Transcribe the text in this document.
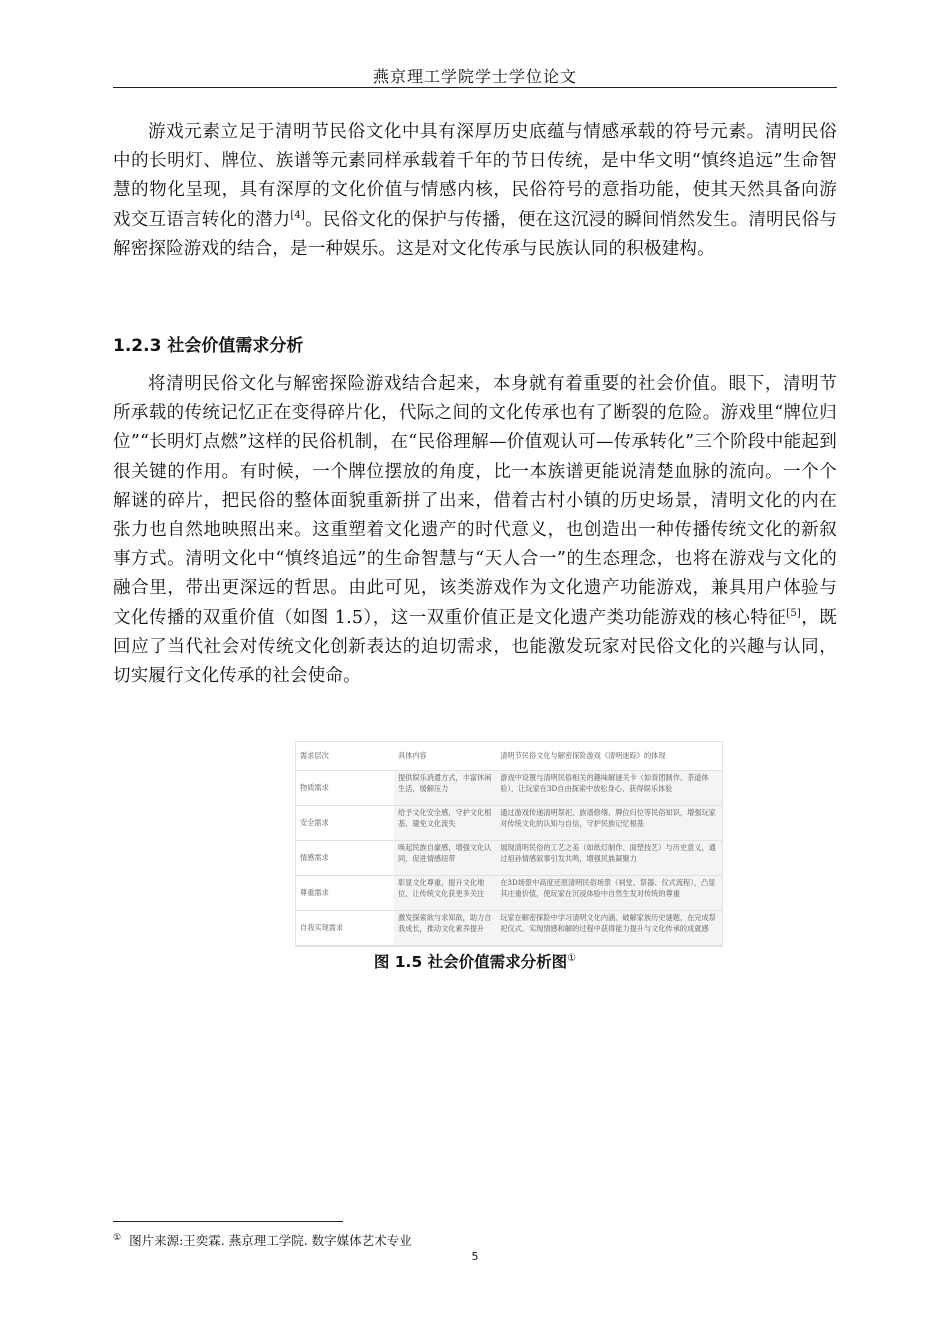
燕京理工学院学士学位论文

游戏元素立足于清明节民俗文化中具有深厚历史底蕴与情感承载的符号元素。清明民俗中的长明灯、牌位、族谱等元素同样承载着千年的节日传统，是中华文明“慎终追远”生命智慧的物化呈现，具有深厚的文化价值与情感内核，民俗符号的意指功能，使其天然具备向游戏交互语言转化的潜力[4]。民俗文化的保护与传播，便在这沉浸的瞬间悄然发生。清明民俗与解密探险游戏的结合，是一种娱乐。这是对文化传承与民族认同的积极建构。

1.2.3 社会价值需求分析

将清明民俗文化与解密探险游戏结合起来，本身就有着重要的社会价值。眼下，清明节所承载的传统记忆正在变得碎片化，代际之间的文化传承也有了断裂的危险。游戏里“牌位归位”“长明灯点燃”这样的民俗机制，在“民俗理解—价值观认可—传承转化”三个阶段中能起到很关键的作用。有时候，一个牌位摆放的角度，比一本族谱更能说清楚血脉的流向。一个个解谜的碎片，把民俗的整体面貌重新拼了出来，借着古村小镇的历史场景，清明文化的内在张力也自然地映照出来。这重塑着文化遗产的时代意义，也创造出一种传播传统文化的新叙事方式。清明文化中“慎终追远”的生命智慧与“天人合一”的生态理念，也将在游戏与文化的融合里，带出更深远的哲思。由此可见，该类游戏作为文化遗产功能游戏，兼具用户体验与文化传播的双重价值（如图 1.5），这一双重价值正是文化遗产类功能游戏的核心特征[5]，既回应了当代社会对传统文化创新表达的迫切需求，也能激发玩家对民俗文化的兴趣与认同，切实履行文化传承的社会使命。

需求层次	具体内容	清明节民俗文化与解密探险游戏《清明迷踪》的体现
物质需求	提供娱乐消遣方式，丰富休闲生活，缓解压力	游戏中设置与清明民俗相关的趣味解谜关卡（如青团制作、茶道体验），让玩家在3D自由探索中放松身心、获得娱乐体验
安全需求	给予文化安全感，守护文化根基，避免文化流失	通过游戏传递清明祭祀、族谱修缮、牌位归位等民俗知识，增强玩家对传统文化的认知与自信，守护民族记忆根基
情感需求	唤起民族自豪感，增强文化认同，促进情感纽带	展现清明民俗的工艺之美（如纸灯制作、面塑技艺）与历史意义，通过祖孙情感叙事引发共鸣，增强民族凝聚力
尊重需求	彰显文化尊重，提升文化地位，让传统文化获更多关注	在3D场景中高度还原清明民俗场景（祠堂、祭器、仪式流程），凸显其庄重价值，使玩家在沉浸体验中自然生发对传统的尊重
自我实现需求	激发探索欲与求知欲，助力自我成长，推动文化素养提升	玩家在解密探险中学习清明文化内涵、破解家族历史谜题，在完成祭祀仪式、实现情感和解的过程中获得能力提升与文化传承的成就感
图 1.5 社会价值需求分析图①
① 图片来源:王奕霖. 燕京理工学院. 数字媒体艺术专业
5
